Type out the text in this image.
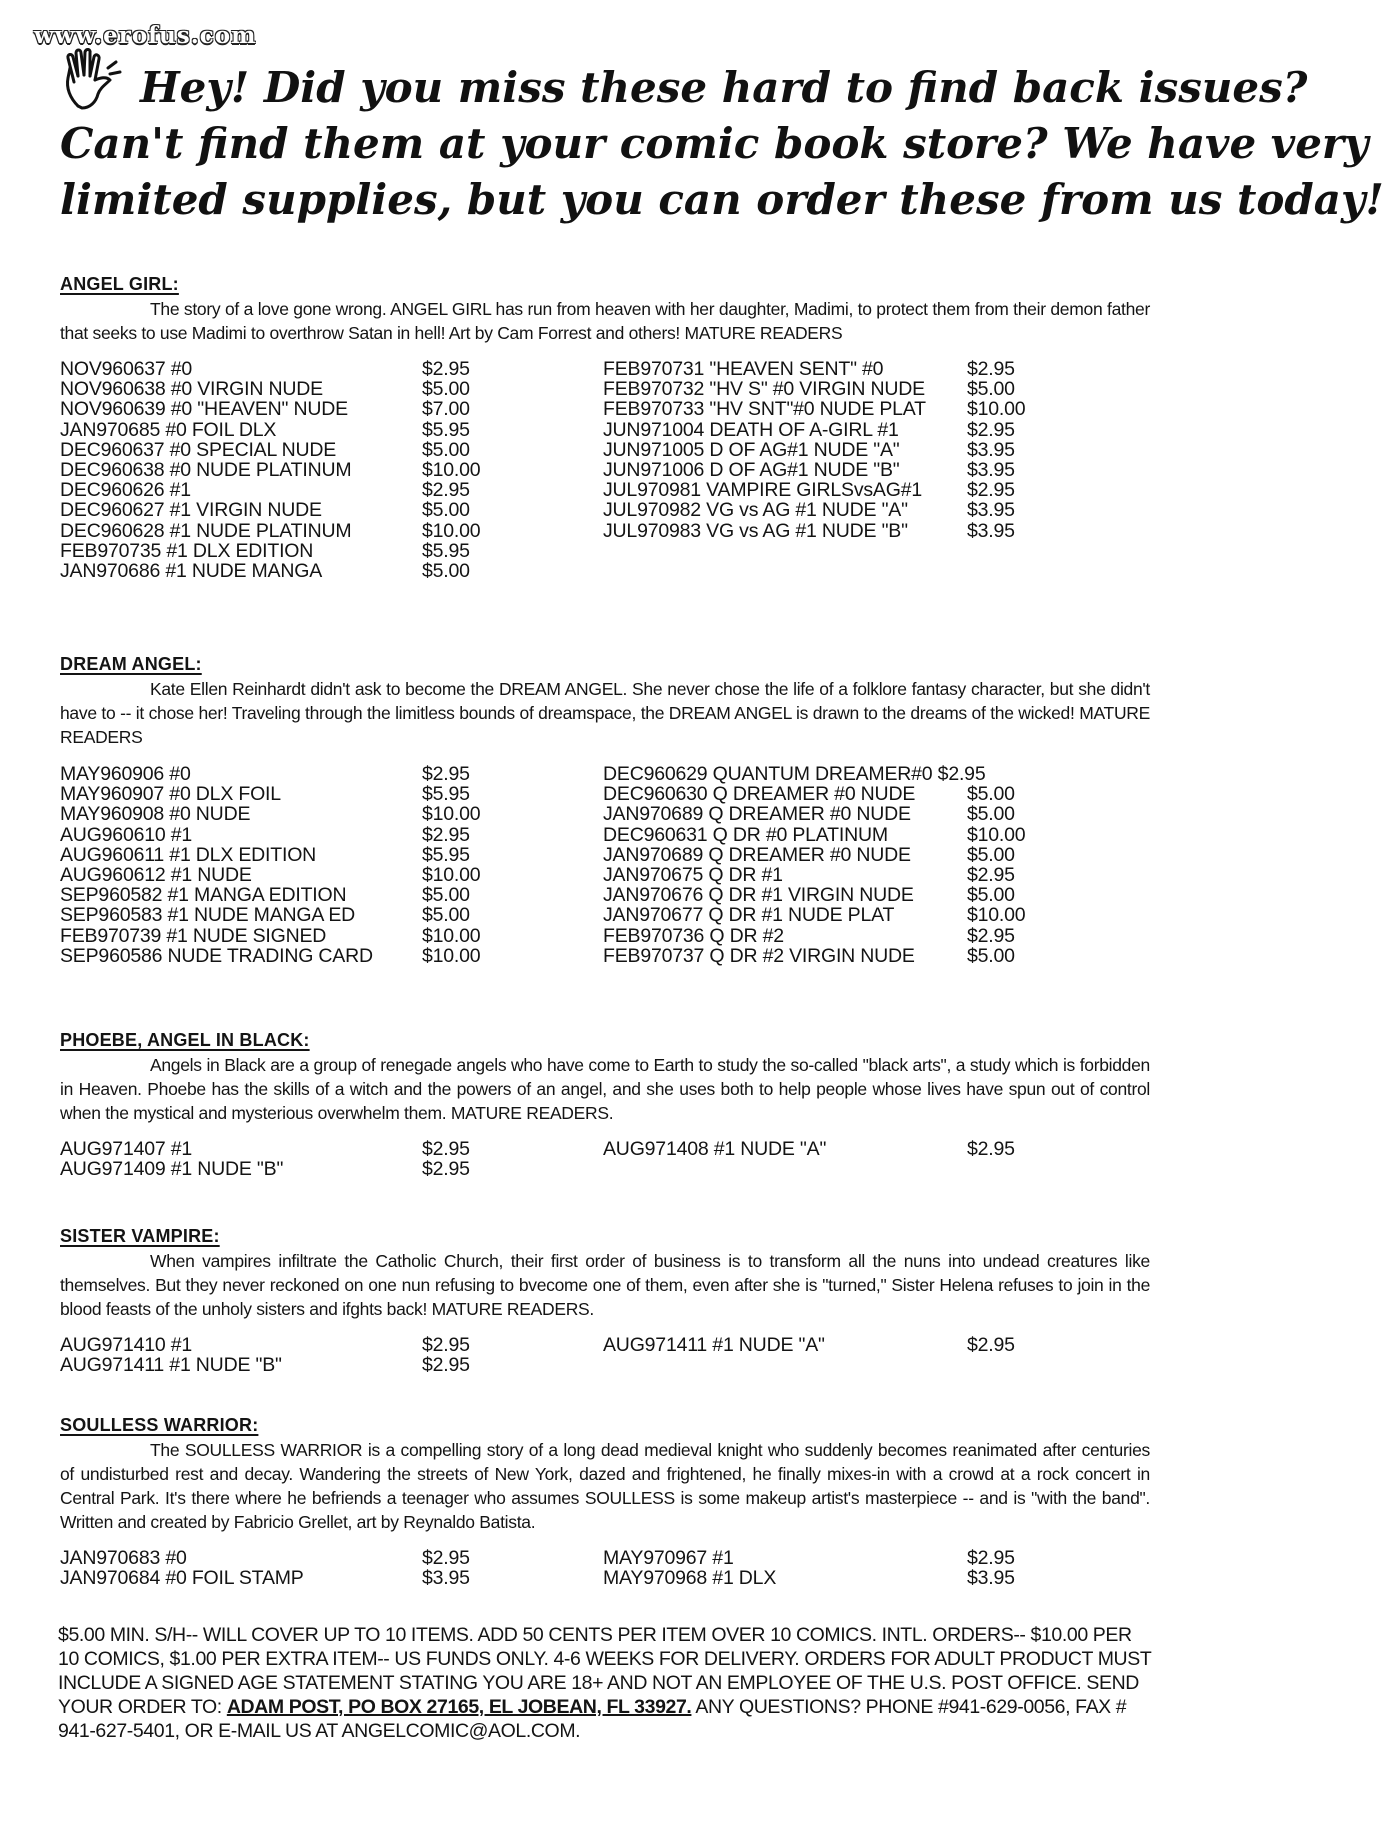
www.erofus.com
Hey! Did you miss these hard to find back issues?
Can't find them at your comic book store? We have very
limited supplies, but you can order these from us today!
ANGEL GIRL:
The story of a love gone wrong. ANGEL GIRL has run from heaven with her daughter, Madimi, to protect them from their demon father that seeks to use Madimi to overthrow Satan in hell! Art by Cam Forrest and others! MATURE READERS
NOV960637 #0	$2.95
NOV960638 #0 VIRGIN NUDE	$5.00
NOV960639 #0 "HEAVEN" NUDE	$7.00
JAN970685 #0 FOIL DLX	$5.95
DEC960637 #0 SPECIAL NUDE	$5.00
DEC960638 #0 NUDE PLATINUM	$10.00
DEC960626 #1	$2.95
DEC960627 #1 VIRGIN NUDE	$5.00
DEC960628 #1 NUDE PLATINUM	$10.00
FEB970735 #1 DLX EDITION	$5.95
JAN970686 #1 NUDE MANGA	$5.00
FEB970731 "HEAVEN SENT" #0	$2.95
FEB970732 "HV S" #0 VIRGIN NUDE $5.00
FEB970733 "HV SNT"#0 NUDE PLAT $10.00
JUN971004 DEATH OF A-GIRL #1	$2.95
JUN971005 D OF AG#1 NUDE "A"	$3.95
JUN971006 D OF AG#1 NUDE "B"	$3.95
JUL970981 VAMPIRE GIRLSvsAG#1 $2.95
JUL970982 VG vs AG #1 NUDE "A"	$3.95
JUL970983 VG vs AG #1 NUDE "B"	$3.95
DREAM ANGEL:
Kate Ellen Reinhardt didn't ask to become the DREAM ANGEL. She never chose the life of a folklore fantasy character, but she didn't have to -- it chose her! Traveling through the limitless bounds of dreamspace, the DREAM ANGEL is drawn to the dreams of the wicked! MATURE READERS
MAY960906 #0	$2.95
MAY960907 #0 DLX FOIL	$5.95
MAY960908 #0 NUDE	$10.00
AUG960610 #1	$2.95
AUG960611 #1 DLX EDITION	$5.95
AUG960612 #1 NUDE	$10.00
SEP960582 #1 MANGA EDITION	$5.00
SEP960583 #1 NUDE MANGA ED	$5.00
FEB970739 #1 NUDE SIGNED	$10.00
SEP960586 NUDE TRADING CARD	$10.00
DEC960629 QUANTUM DREAMER#0 $2.95
DEC960630 Q DREAMER #0 NUDE	$5.00
JAN970689 Q DREAMER #0 NUDE	$5.00
DEC960631 Q DR #0 PLATINUM	$10.00
JAN970689 Q DREAMER #0 NUDE	$5.00
JAN970675 Q DR #1	$2.95
JAN970676 Q DR #1 VIRGIN NUDE	$5.00
JAN970677 Q DR #1 NUDE PLAT	$10.00
FEB970736 Q DR #2	$2.95
FEB970737 Q DR #2 VIRGIN NUDE	$5.00
PHOEBE, ANGEL IN BLACK:
Angels in Black are a group of renegade angels who have come to Earth to study the so-called "black arts", a study which is forbidden in Heaven. Phoebe has the skills of a witch and the powers of an angel, and she uses both to help people whose lives have spun out of control when the mystical and mysterious overwhelm them. MATURE READERS.
AUG971407 #1	$2.95
AUG971409 #1 NUDE "B"	$2.95
AUG971408 #1 NUDE "A"	$2.95
SISTER VAMPIRE:
When vampires infiltrate the Catholic Church, their first order of business is to transform all the nuns into undead creatures like themselves. But they never reckoned on one nun refusing to bvecome one of them, even after she is "turned," Sister Helena refuses to join in the blood feasts of the unholy sisters and ifghts back! MATURE READERS.
AUG971410 #1	$2.95
AUG971411 #1 NUDE "B"	$2.95
AUG971411 #1 NUDE "A"	$2.95
SOULLESS WARRIOR:
The SOULLESS WARRIOR is a compelling story of a long dead medieval knight who suddenly becomes reanimated after centuries of undisturbed rest and decay. Wandering the streets of New York, dazed and frightened, he finally mixes-in with a crowd at a rock concert in Central Park. It's there where he befriends a teenager who assumes SOULLESS is some makeup artist's masterpiece -- and is "with the band". Written and created by Fabricio Grellet, art by Reynaldo Batista.
JAN970683 #0	$2.95
JAN970684 #0 FOIL STAMP	$3.95
MAY970967 #1	$2.95
MAY970968 #1 DLX	$3.95
$5.00 MIN. S/H-- WILL COVER UP TO 10 ITEMS. ADD 50 CENTS PER ITEM OVER 10 COMICS. INTL. ORDERS-- $10.00 PER 10 COMICS, $1.00 PER EXTRA ITEM-- US FUNDS ONLY. 4-6 WEEKS FOR DELIVERY. ORDERS FOR ADULT PRODUCT MUST INCLUDE A SIGNED AGE STATEMENT STATING YOU ARE 18+ AND NOT AN EMPLOYEE OF THE U.S. POST OFFICE. SEND YOUR ORDER TO: ADAM POST, PO BOX 27165, EL JOBEAN, FL 33927. ANY QUESTIONS? PHONE #941-629-0056, FAX # 941-627-5401, OR E-MAIL US AT ANGELCOMIC@AOL.COM.
